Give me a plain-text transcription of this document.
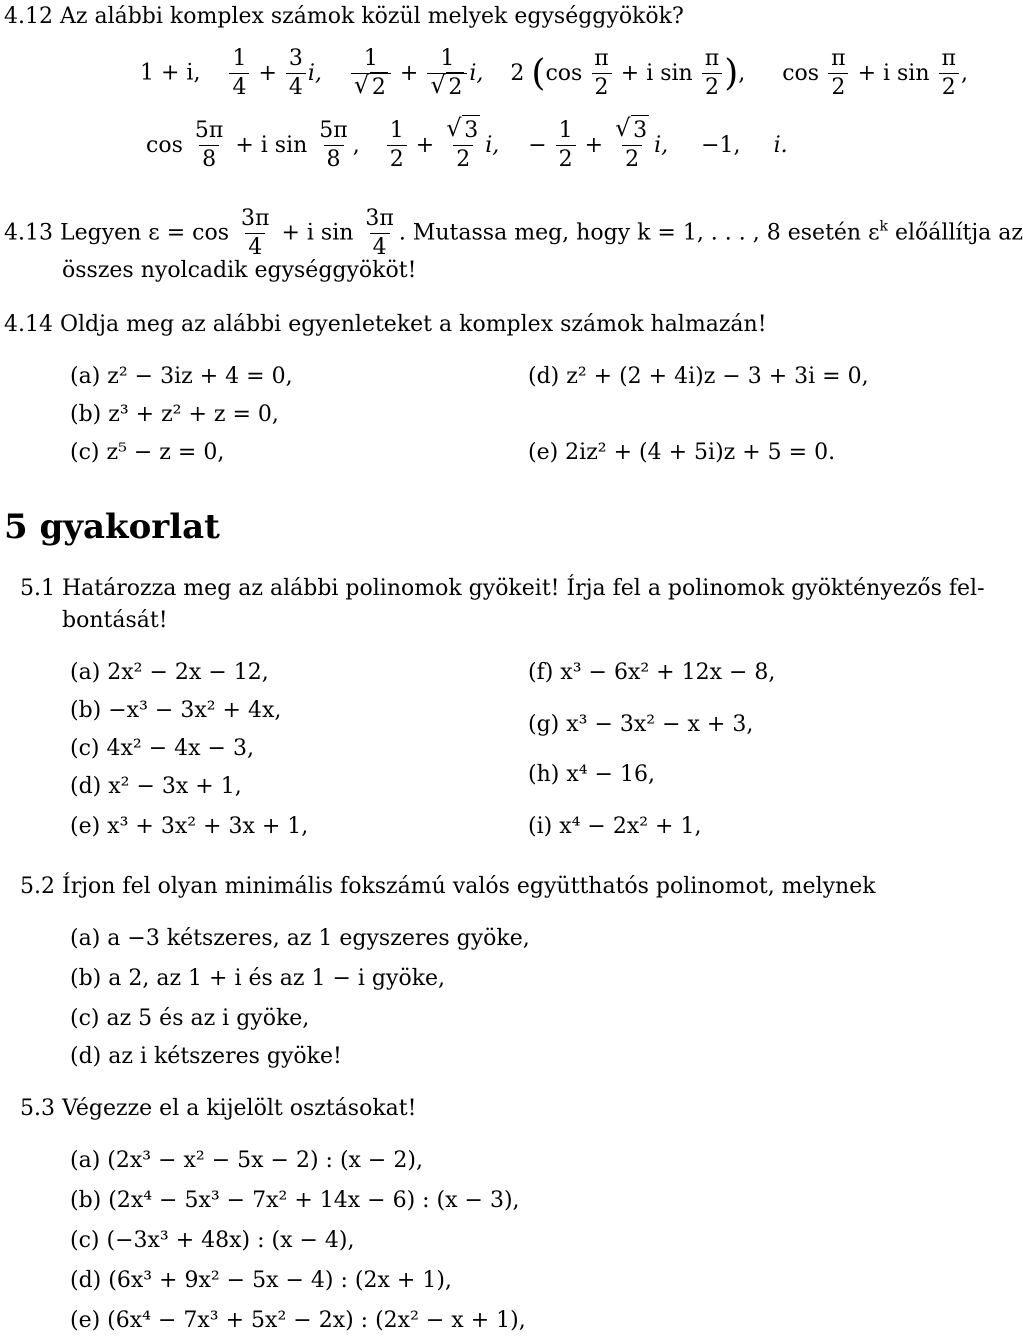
4.12 Az alábbi komplex számok közül melyek egységgyökök?
1 + i, $\frac{1}{4} + \frac{3}{4} i$, 1
√ 2 + 1
√ 2 i, 2 ($\cos \frac{\pi}{2} + i$ $\sin \frac{\pi}{2}$ ), $\cos \frac{\pi}{2} + i$ $\sin \frac{\pi}{2}$ ,
$\cos \frac{5\pi}{8} + i$ $\sin \frac{5\pi}{8}$ , $\frac{1}{2}$ + √ $\frac{3}{2} i$, − $\frac{1}{2}$ + √ $\frac{3}{2} i$, −1, i.
4.13 Legyen $\varepsilon = \cos \frac{3\pi}{4} + i$ $\sin \frac{3\pi}{4}$ . Mutassa meg, hogy k = 1, . . . , 8 esetén $\varepsilon^k$ előállítja az
összes nyolcadik egységgyököt!
4.14 Oldja meg az alábbi egyenleteket a komplex számok halmazán!
(a) z² − 3iz + 4 = 0,
(b) z³ + z² + z = 0,
(c) z⁵ − z = 0,
(d) z² + (2 + 4i)z − 3 + 3i = 0,
(e) 2iz² + (4 + 5i)z + 5 = 0.
5 gyakorlat
5.1 Határozza meg az alábbi polinomok gyökeit! Írja fel a polinomok gyöktényezős fel-
bontását!
(a) 2x² − 2x − 12,
(b) −x³ − 3x² + 4x,
(c) 4x² − 4x − 3,
(d) x² − 3x + 1,
(e) x³ + 3x² + 3x + 1,
(f) x³ − 6x² + 12x − 8,
(g) x³ − 3x² − x + 3,
(h) x⁴ − 16,
(i) x⁴ − 2x² + 1,
5.2 Írjon fel olyan minimális fokszámú valós együtthatós polinomot, melynek
(a) a −3 kétszeres, az 1 egyszeres gyöke,
(b) a 2, az 1 + i és az 1 − i gyöke,
(c) az 5 és az i gyöke,
(d) az i kétszeres gyöke!
5.3 Végezze el a kijelölt osztásokat!
(a) (2x³ − x² − 5x − 2) : (x − 2),
(b) (2x⁴ − 5x³ − 7x² + 14x − 6) : (x − 3),
(c) (−3x³ + 48x) : (x − 4),
(d) (6x³ + 9x² − 5x − 4) : (2x + 1),
(e) (6x⁴ − 7x³ + 5x² − 2x) : (2x² − x + 1),
